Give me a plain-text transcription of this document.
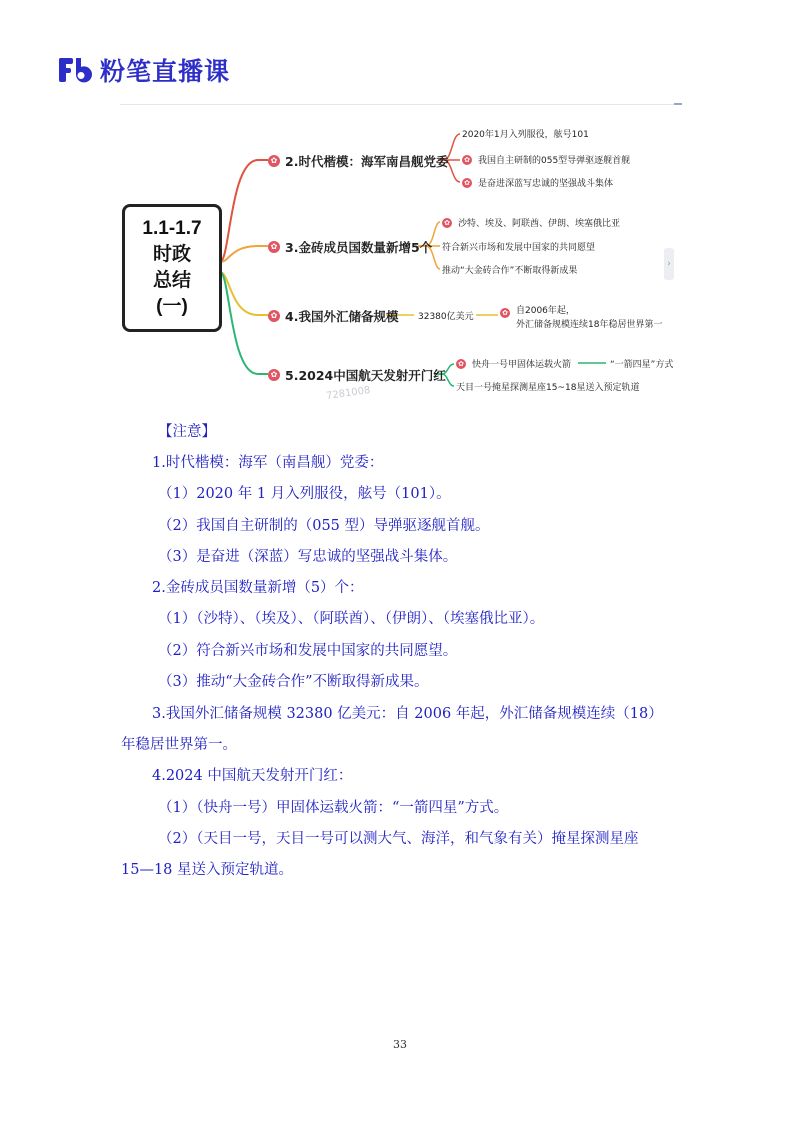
Fb
粉笔直播课
1.1-1.7
时政
总结
(一)
✿ 2.时代楷模：海军南昌舰党委
2020年1月入列服役，舷号101
✿ 我国自主研制的055型导弹驱逐舰首舰
✿ 是奋进深蓝写忠诚的坚强战斗集体
✿ 3.金砖成员国数量新增5个
✿ 沙特、埃及、阿联酋、伊朗、埃塞俄比亚
符合新兴市场和发展中国家的共同愿望
推动“大金砖合作”不断取得新成果
✿ 4.我国外汇储备规模 32380亿美元	✿ 自2006年起，
外汇储备规模连续18年稳居世界第一
✿ 5.2024中国航天发射开门红
✿ 快舟一号甲固体运载火箭	“一箭四星”方式
天目一号掩星探测星座15~18星送入预定轨道
7281008
›

【注意】

1.时代楷模：海军（南昌舰）党委：

（1）2020 年 1 月入列服役，舷号（101）。

（2）我国自主研制的（055 型）导弹驱逐舰首舰。

（3）是奋进（深蓝）写忠诚的坚强战斗集体。

2.金砖成员国数量新增（5）个：

（1）（沙特）、（埃及）、（阿联酋）、（伊朗）、（埃塞俄比亚）。

（2）符合新兴市场和发展中国家的共同愿望。

（3）推动“大金砖合作”不断取得新成果。

3.我国外汇储备规模 32380 亿美元：自 2006 年起，外汇储备规模连续（18）

年稳居世界第一。

4.2024 中国航天发射开门红：

（1）（快舟一号）甲固体运载火箭：“一箭四星”方式。

（2）（天目一号，天目一号可以测大气、海洋，和气象有关）掩星探测星座

15—18 星送入预定轨道。

33
